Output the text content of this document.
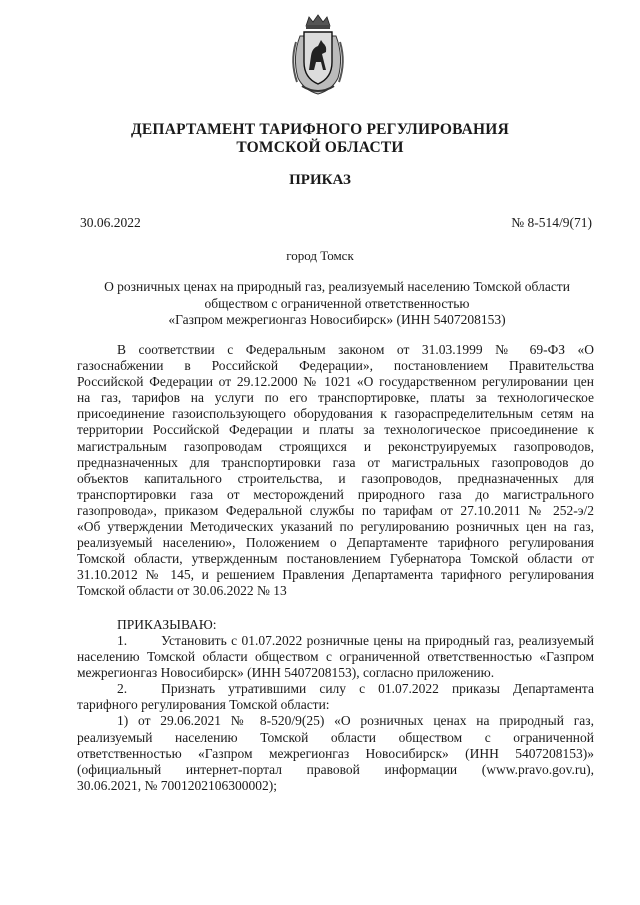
ДЕПАРТАМЕНТ ТАРИФНОГО РЕГУЛИРОВАНИЯ
ТОМСКОЙ ОБЛАСТИ
ПРИКАЗ
30.06.2022	№ 8-514/9(71)
город Томск
О розничных ценах на природный газ, реализуемый населению Томской области
обществом с ограниченной ответственностью
«Газпром межрегионгаз Новосибирск» (ИНН 5407208153)
В соответствии с Федеральным законом от 31.03.1999 № 69-ФЗ «О
газоснабжении в Российской Федерации», постановлением Правительства
Российской Федерации от 29.12.2000 № 1021 «О государственном регулировании цен
на газ, тарифов на услуги по его транспортировке, платы за технологическое
присоединение газоиспользующего оборудования к газораспределительным сетям на
территории Российской Федерации и платы за технологическое присоединение к
магистральным газопроводам строящихся и реконструируемых газопроводов,
предназначенных для транспортировки газа от магистральных газопроводов до
объектов капитального строительства, и газопроводов, предназначенных для
транспортировки газа от месторождений природного газа до магистрального
газопровода», приказом Федеральной службы по тарифам от 27.10.2011 № 252-э/2
«Об утверждении Методических указаний по регулированию розничных цен на газ,
реализуемый населению», Положением о Департаменте тарифного регулирования
Томской области, утвержденным постановлением Губернатора Томской области от
31.10.2012 № 145, и решением Правления Департамента тарифного регулирования
Томской области от 30.06.2022 № 13
ПРИКАЗЫВАЮ:
1.	Установить с 01.07.2022 розничные цены на природный газ, реализуемый
населению Томской области обществом с ограниченной ответственностью «Газпром
межрегионгаз Новосибирск» (ИНН 5407208153), согласно приложению.
2.	Признать утратившими силу с 01.07.2022 приказы Департамента
тарифного регулирования Томской области:
1) от 29.06.2021 № 8-520/9(25) «О розничных ценах на природный газ,
реализуемый населению Томской области обществом с ограниченной
ответственностью «Газпром межрегионгаз Новосибирск» (ИНН 5407208153)»
(официальный интернет-портал правовой информации (www.pravo.gov.ru),
30.06.2021, № 7001202106300002);
